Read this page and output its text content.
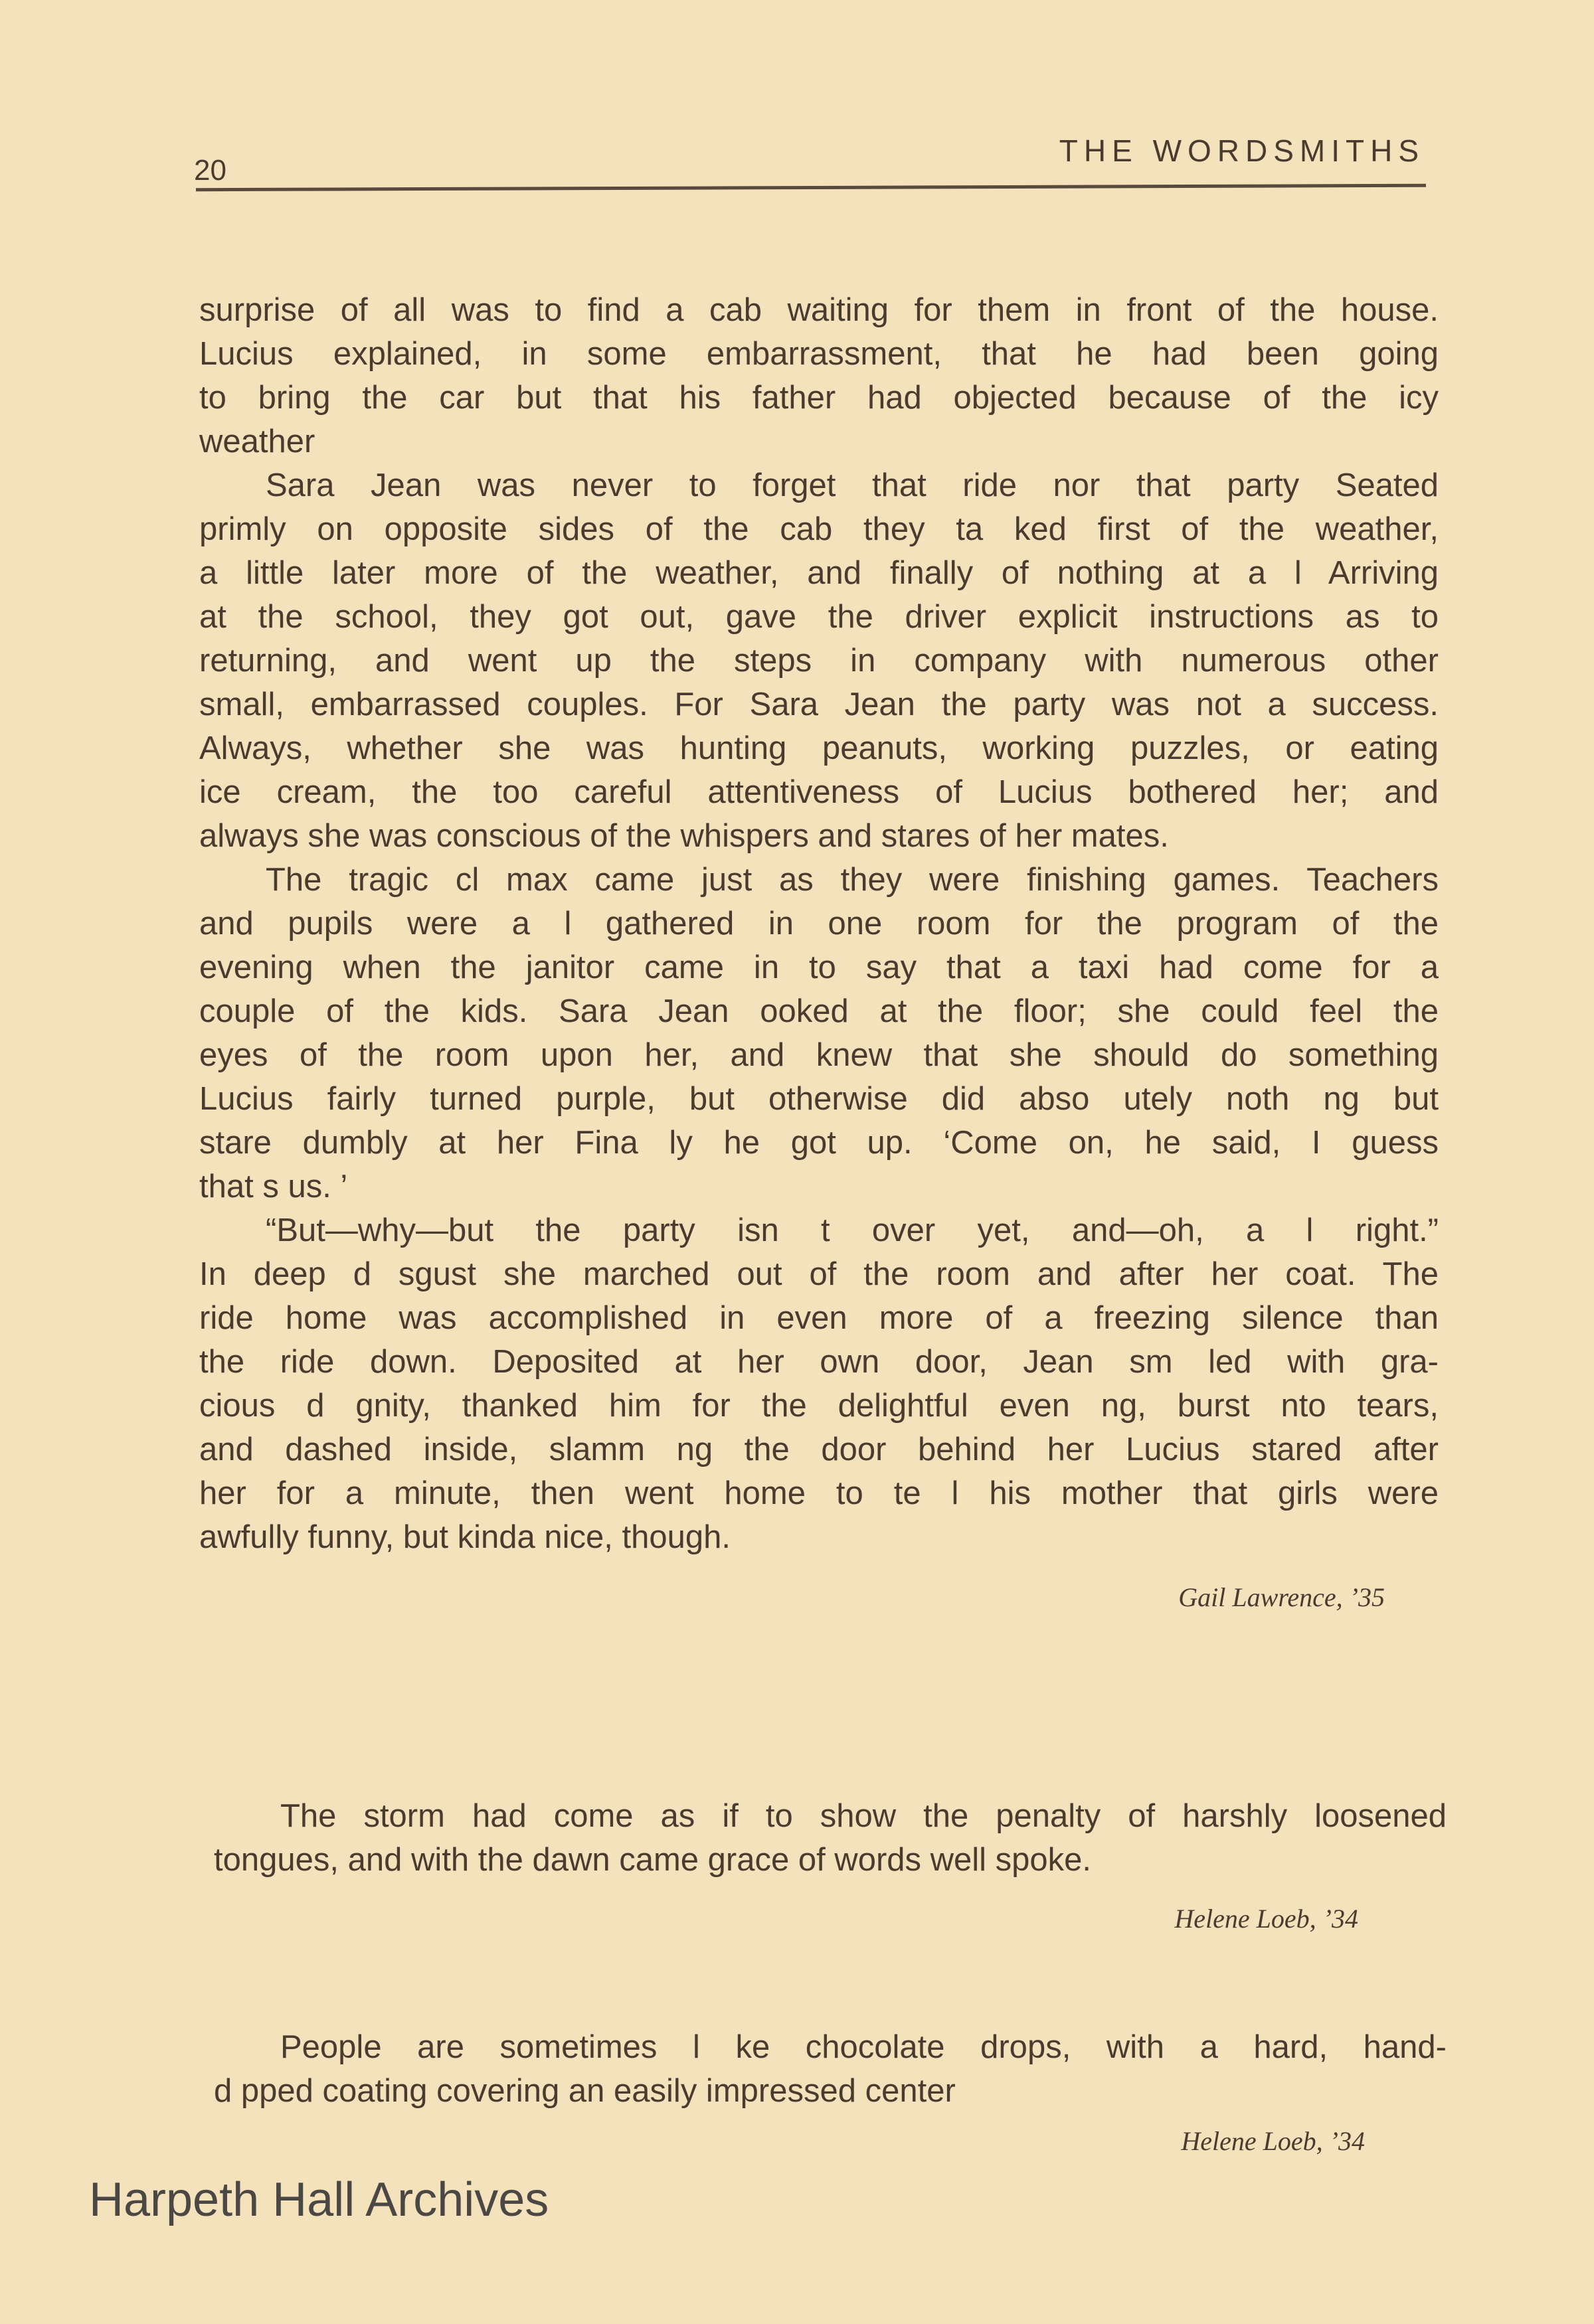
20
THE WORDSMITHS
surprise of all was to find a cab waiting for them in front of the house.
Lucius explained, in some embarrassment, that he had been going
to bring the car but that his father had objected because of the icy
weather
Sara Jean was never to forget that ride nor that party Seated
primly on opposite sides of the cab they ta ked first of the weather,
a little later more of the weather, and finally of nothing at a l Arriving
at the school, they got out, gave the driver explicit instructions as to
returning, and went up the steps in company with numerous other
small, embarrassed couples. For Sara Jean the party was not a success.
Always, whether she was hunting peanuts, working puzzles, or eating
ice cream, the too careful attentiveness of Lucius bothered her; and
always she was conscious of the whispers and stares of her mates.
The tragic cl max came just as they were finishing games. Teachers
and pupils were a l gathered in one room for the program of the
evening when the janitor came in to say that a taxi had come for a
couple of the kids. Sara Jean ooked at the floor; she could feel the
eyes of the room upon her, and knew that she should do something
Lucius fairly turned purple, but otherwise did abso utely noth ng but
stare dumbly at her Fina ly he got up. ‘Come on, he said, I guess
that s us. ’
“But—why—but the party isn t over yet, and—oh, a l right.”
In deep d sgust she marched out of the room and after her coat. The
ride home was accomplished in even more of a freezing silence than
the ride down. Deposited at her own door, Jean sm led with gra-
cious d gnity, thanked him for the delightful even ng, burst nto tears,
and dashed inside, slamm ng the door behind her Lucius stared after
her for a minute, then went home to te l his mother that girls were
awfully funny, but kinda nice, though.
Gail Lawrence, ’35
The storm had come as if to show the penalty of harshly loosened
tongues, and with the dawn came grace of words well spoke.
Helene Loeb, ’34
People are sometimes l ke chocolate drops, with a hard, hand-
d pped coating covering an easily impressed center
Helene Loeb, ’34
Harpeth Hall Archives
